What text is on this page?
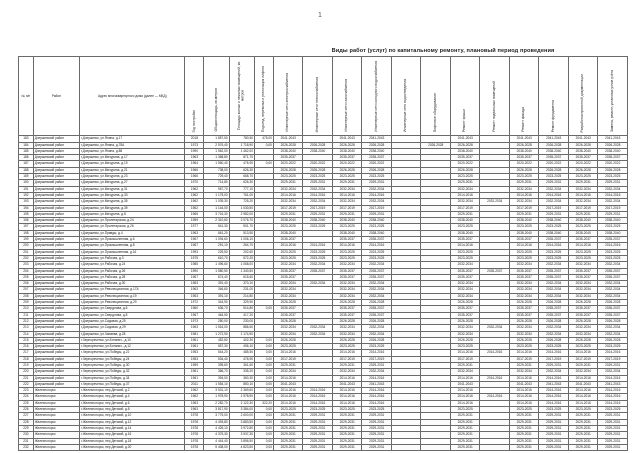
1
Виды работ (услуг) по капитальному ремонту, плановый период проведения
№ п/п	Район	Адрес многоквартирного дома (далее — МКД)	Год постройки	Общая площадь, кв.метров	Площадь жилых и нежилых помещений, кв. метров	Подъезд, перевозка и утилизация лифтов	Инженерные сети электроснабжения	Инженерные сети теплоснабжения	Инженерные сети газоснабжения	Инженерные сети холодного водоснабжения	Инженерные сети водоотведения	Лифтовое оборудование	Ремонт крыши	Ремонт подвальных помещений	Ремонт фасада	Ремонт фундамента	Разработка проектной документации	Замена, ремонт, установка узлов учёта
183	Дзержинский район	г.Дзержинск, ул.Янина, д.17	2018	1 857,50	780,50	475,00	2041-2043		2041-2043	2041-2043			2041-2043		2041-2043	2041-2043	2041-2043	2041-2043
184	Дзержинский район	г.Дзержинск, ул.Янина, д.78А	1973	2 576,40	1 718,90	0,00	2026-2028	2026-2028	2026-2028	2026-2028		2026-2028	2026-2028		2026-2028	2026-2028	2026-2028	2026-2028
185	Дзержинский район	г.Дзержинск, ул.Янина, д.88	1990	1 562,00	1 462,00		2038-2040	2038-2040	2038-2040	2038-2040			2038-2040		2038-2040	2038-2040	2038-2040	2038-2040
186	Дзержинский район	г.Дзержинск, ул.Мичурина, д.17	1963	1 368,80	871,70		2035-2037		2035-2037	2035-2037			2035-2037		2035-2037	2035-2037	2035-2037	2035-2037
187	Дзержинский район	г.Дзержинск, ул.Мичурина, д.19	1964	1 560,40	476,90	0,00	2020-2022	2020-2022	2020-2022	2020-2022			2020-2022		2020-2022	2020-2022	2020-2022	2020-2022
188	Дзержинский район	г.Дзержинск, ул.Мичурина, д.21	1966	738,00	626,30		2026-2028	2026-2028	2026-2028	2026-2028			2026-2028		2026-2028	2026-2028	2026-2028	2026-2028
189	Дзержинский район	г.Дзержинск, ул.Мичурина, д.23	1966	729,40	668,70		2023-2025	2023-2025	2023-2025	2023-2025			2023-2025		2023-2025	2023-2025	2023-2025	2023-2025
190	Дзержинский район	г.Дзержинск, ул.Мичурина, д.27	1970	714,80	626,30		2029-2031	2029-2031	2029-2031	2029-2031			2029-2031		2029-2031	2029-2031	2029-2031	2029-2031
191	Дзержинский район	г.Дзержинск, ул.Мичурина, д.31	1962	967,70	777,10		2032-2034	2032-2034	2032-2034	2032-2034			2032-2034		2032-2034	2032-2034	2032-2034	2032-2034
192	Дзержинский район	г.Дзержинск, ул.Мичурина, д.33	1962	1 175,00	761,00		2014-2016	2014-2016	2014-2016	2014-2016			2014-2016		2014-2016	2014-2016	2014-2016	2014-2016
193	Дзержинский район	г.Дзержинск, ул.Мичурина, д.35	1962	1 039,30	725,20		2032-2034	2032-2034	2032-2034	2032-2034			2032-2034	2032-2034	2032-2034	2032-2034	2032-2034	2032-2034
194	Дзержинский район	г.Дзержинск, ул.Мичурина, д.39	1962	1 144,00	1 030,50		2017-2019	2017-2019	2017-2019	2017-2019			2017-2019		2017-2019	2017-2019	2017-2019	2017-2019
195	Дзержинский район	г.Дзержинск, ул.Мичурина, д.8	1965	3 716,30	2 982,00		2029-2031	2029-2031	2029-2031	2029-2031			2029-2031		2029-2031	2029-2031	2029-2031	2029-2031
196	Дзержинский район	г.Дзержинск, ул.Пролетарская, д.24	1959	2 310,60	2 076,70		2038-2040	2038-2040	2038-2040	2038-2040			2038-2040		2038-2040	2038-2040	2038-2040	2038-2040
197	Дзержинский район	г.Дзержинск, ул.Пролетарская, д.26	1977	541,30	501,70		2023-2025	2023-2025	2023-2025	2023-2025			2023-2025		2023-2025	2023-2025	2023-2025	2023-2025
198	Дзержинский район	г.Дзержинск, ул.Правды, д.4	1963	661,20	513,50		2038-2040		2038-2040	2038-2040			2038-2040		2038-2040	2038-2040	2038-2040	2038-2040
199	Дзержинский район	г.Дзержинск, ул.Промышленная, д.6	1967	1 094,60	1 006,10		2035-2037		2035-2037	2035-2037			2035-2037		2035-2037	2035-2037	2035-2037	2035-2037
200	Дзержинский район	г.Дзержинск, ул.Промышленная, д.8	1967	291,10	264,70		2014-2016	2014-2016	2014-2016	2014-2016			2014-2016		2014-2016	2014-2016	2014-2016	2014-2016
201	Дзержинский район	г.Дзержинск, ул.Промышленная, д.16	1993	225,50	202,60		2023-2025	2023-2025	2023-2025	2023-2025			2023-2025		2023-2025	2023-2025	2023-2025	2023-2025
202	Дзержинский район	г.Дзержинск, ул.Рабочая, д.3	1975	610,70	572,20		2023-2025	2023-2025	2023-2025	2023-2025			2023-2025		2023-2025	2023-2025	2023-2025	2023-2025
203	Дзержинский район	г.Дзержинск, ул.Рабочая, д.24	1985	1 496,60	1 068,00		2032-2034	2032-2034	2032-2034	2032-2034			2032-2034		2032-2034	2032-2034	2032-2034	2032-2034
204	Дзержинский район	г.Дзержинск, ул.Рабочая, д.26	1990	1 580,50	1 340,50		2035-2037	2035-2037	2035-2037	2035-2037			2035-2037	2035-2037	2035-2037	2035-2037	2035-2037	2035-2037
205	Дзержинский район	г.Дзержинск, ул.Рабочая, д.28	1967	674,40	615,60		2035-2037		2035-2037	2035-2037			2035-2037		2035-2037	2035-2037	2035-2037	2035-2037
206	Дзержинский район	г.Дзержинск, ул.Рабочая, д.30	1963	391,40	370,10		2032-2034	2032-2034	2032-2034	2032-2034			2032-2034		2032-2034	2032-2034	2032-2034	2032-2034
207	Дзержинский район	г.Дзержинск, ул.Революционная, д.17А	1963	346,60	231,00		2032-2034		2032-2034	2032-2034			2032-2034		2032-2034	2032-2034	2032-2034	2032-2034
208	Дзержинский район	г.Дзержинск, ул.Революционная, д.19	1963	391,10	214,80		2032-2034		2032-2034	2032-2034			2032-2034		2032-2034	2032-2034	2032-2034	2032-2034
209	Дзержинский район	г.Дзержинск, ул.Революционная, д.29	1972	344,90	329,90		2026-2028		2026-2028	2026-2028			2026-2028		2026-2028	2026-2028	2026-2028	2026-2028
210	Дзержинский район	г.Дзержинск, ул.Свердлова, д.6	1960	636,70	514,80	0,00	2035-2037		2035-2037	2035-2037			2035-2037		2035-2037	2035-2037	2035-2037	2035-2037
211	Дзержинский район	г.Дзержинск, ул.Свердлова, д.8	1967	464,50	417,20		2035-2037		2035-2037	2035-2037			2035-2037		2035-2037	2035-2037	2035-2037	2035-2037
212	Дзержинский район	г.Дзержинск, ул.Садовая, д.25	1973	250,00	230,00		2026-2028		2026-2028	2026-2028			2026-2028		2026-2028	2026-2028	2026-2028	2026-2028
213	Дзержинский район	г.Дзержинск, ул.Садовая, д.29	1963	1 516,00	886,60		2032-2034	2032-2034	2032-2034	2032-2034			2032-2034	2032-2034	2032-2034	2032-2034	2032-2034	2032-2034
214	Дзержинский район	г.Дзержинск, ул.Чапаева, д.28	1981	1 272,90	1 174,90		2032-2034	2032-2034	2032-2034	2032-2034			2032-2034		2032-2034	2032-2034	2032-2034	2032-2034
215	Дзержинский район	г.Чернореченск, ул.Ботанич., д.10	1961	452,60	402,30	0,00	2026-2028		2026-2028	2026-2028			2026-2028		2026-2028	2026-2028	2026-2028	2026-2028
216	Дзержинский район	г.Чернореченск, ул.Ботанич., д.12	1961	557,30	496,10	0,00	2023-2025		2023-2025	2023-2025			2023-2025		2023-2025	2023-2025	2023-2025	2023-2025
217	Дзержинский район	г.Чернореченск, ул.Победы, д.22	1953	544,20	485,50	0,00	2014-2016		2014-2016	2014-2016			2014-2016	2014-2016	2014-2016	2014-2016	2014-2016	2014-2016
218	Дзержинский район	г.Чернореченск, ул.Победы, д.24	1953	534,40	476,90	0,00	2017-2019		2017-2019	2017-2019			2017-2019		2017-2019	2017-2019	2017-2019	2017-2019
219	Дзержинский район	г.Чернореченск, ул.Победы, д.30	1959	395,60	361,60	0,00	2029-2031		2029-2031	2029-2031			2029-2031		2029-2031	2029-2031	2029-2031	2029-2031
220	Дзержинский район	г.Чернореченск, ул.Победы, д.32	1961	366,70	335,20	0,00	2032-2034		2032-2034	2032-2034			2032-2034		2032-2034	2032-2034	2032-2034	2032-2034
221	Дзержинский район	г.Чернореченск, ул.Победы, д.34	1961	394,00	360,30	0,00	2014-2016		2014-2016	2014-2016			2014-2016	2014-2016	2014-2016	2014-2016	2014-2016	2014-2016
222	Дзержинский район	г.Чернореченск, ул.Победы, д.37	2011	1 554,10	850,10	0,00	2041-2043		2041-2043	2041-2043			2041-2043		2041-2043	2041-2043	2041-2043	2041-2043
223	Железногорск	г.Железногорск, пер.Детский, д.2	1962	3 531,10	2 369,60	0,00	2014-2016	2014-2016	2014-2016	2014-2016			2014-2016		2014-2016	2014-2016	2014-2016	2014-2016
224	Железногорск	г.Железногорск, пер.Детский, д.4	1962	1 978,90	1 978,90	0,00	2014-2016	2014-2016	2014-2016	2014-2016			2014-2016	2014-2016	2014-2016	2014-2016	2014-2016	2014-2016
225	Железногорск	г.Железногорск, пер.Детский, д.6	1963	2 282,70	2 122,30	322,20	2014-2016	2014-2016	2014-2016	2014-2016			2014-2016		2014-2016	2014-2016	2014-2016	2014-2016
226	Железногорск	г.Железногорск, пер.Детский, д.8	1963	3 817,90	3 384,00	0,00	2023-2025	2023-2025	2023-2025	2023-2025			2023-2025		2023-2025	2023-2025	2023-2025	2023-2025
227	Железногорск	г.Железногорск, пер.Детский, д.10	1978	3 775,00	2 600,00	0,00	2029-2031	2029-2031	2029-2031	2029-2031			2029-2031		2029-2031	2029-2031	2029-2031	2029-2031
228	Железногорск	г.Железногорск, пер.Детский, д.12	1978	4 493,80	3 883,50	0,00	2029-2031	2029-2031	2029-2031	2029-2031			2029-2031		2029-2031	2029-2031	2029-2031	2029-2031
229	Железногорск	г.Железногорск, пер.Детский, д.14	1978	4 426,10	3 972,80	0,00	2029-2031	2029-2031	2029-2031	2029-2031			2029-2031		2029-2031	2029-2031	2029-2031	2029-2031
230	Железногорск	г.Железногорск, пер.Детский, д.16	1978	4 375,30	3 937,30	0,00	2029-2031	2029-2031	2029-2031	2029-2031			2029-2031		2029-2031	2029-2031	2029-2031	2029-2031
231	Железногорск	г.Железногорск, пер.Детский, д.18	1978	4 444,40	3 896,50	0,00	2029-2031	2029-2031	2029-2031	2029-2031			2029-2031		2029-2031	2029-2031	2029-2031	2029-2031
232	Железногорск	г.Железногорск, пер.Детский, д.20	1978	5 408,00	4 823,50	0,00	2029-2031	2029-2031	2029-2031	2029-2031			2029-2031		2029-2031	2029-2031	2029-2031	2029-2031
